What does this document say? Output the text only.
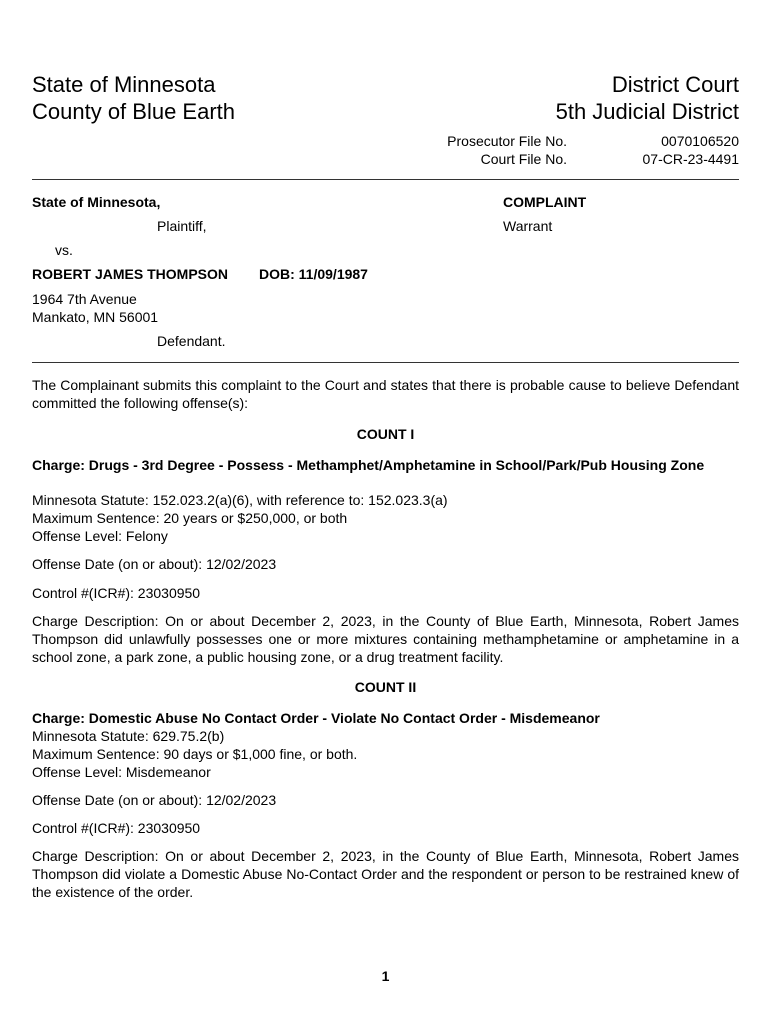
State of Minnesota
County of Blue Earth
District Court
5th Judicial District
Prosecutor File No.
Court File No.
0070106520
07-CR-23-4491
State of Minnesota,
Plaintiff,
vs.
ROBERT JAMES THOMPSON DOB: 11/09/1987
1964 7th Avenue
Mankato, MN 56001
Defendant.
COMPLAINT
Warrant
The Complainant submits this complaint to the Court and states that there is probable cause to believe Defendant committed the following offense(s):
COUNT I
Charge: Drugs - 3rd Degree - Possess - Methamphet/Amphetamine in School/Park/Pub Housing Zone
Minnesota Statute: 152.023.2(a)(6), with reference to: 152.023.3(a)
Maximum Sentence: 20 years or $250,000, or both
Offense Level: Felony
Offense Date (on or about): 12/02/2023
Control #(ICR#): 23030950
Charge Description: On or about December 2, 2023, in the County of Blue Earth, Minnesota, Robert James Thompson did unlawfully possesses one or more mixtures containing methamphetamine or amphetamine in a school zone, a park zone, a public housing zone, or a drug treatment facility.
COUNT II
Charge: Domestic Abuse No Contact Order - Violate No Contact Order - Misdemeanor
Minnesota Statute: 629.75.2(b)
Maximum Sentence: 90 days or $1,000 fine, or both.
Offense Level: Misdemeanor
Offense Date (on or about): 12/02/2023
Control #(ICR#): 23030950
Charge Description: On or about December 2, 2023, in the County of Blue Earth, Minnesota, Robert James Thompson did violate a Domestic Abuse No-Contact Order and the respondent or person to be restrained knew of the existence of the order.
1
